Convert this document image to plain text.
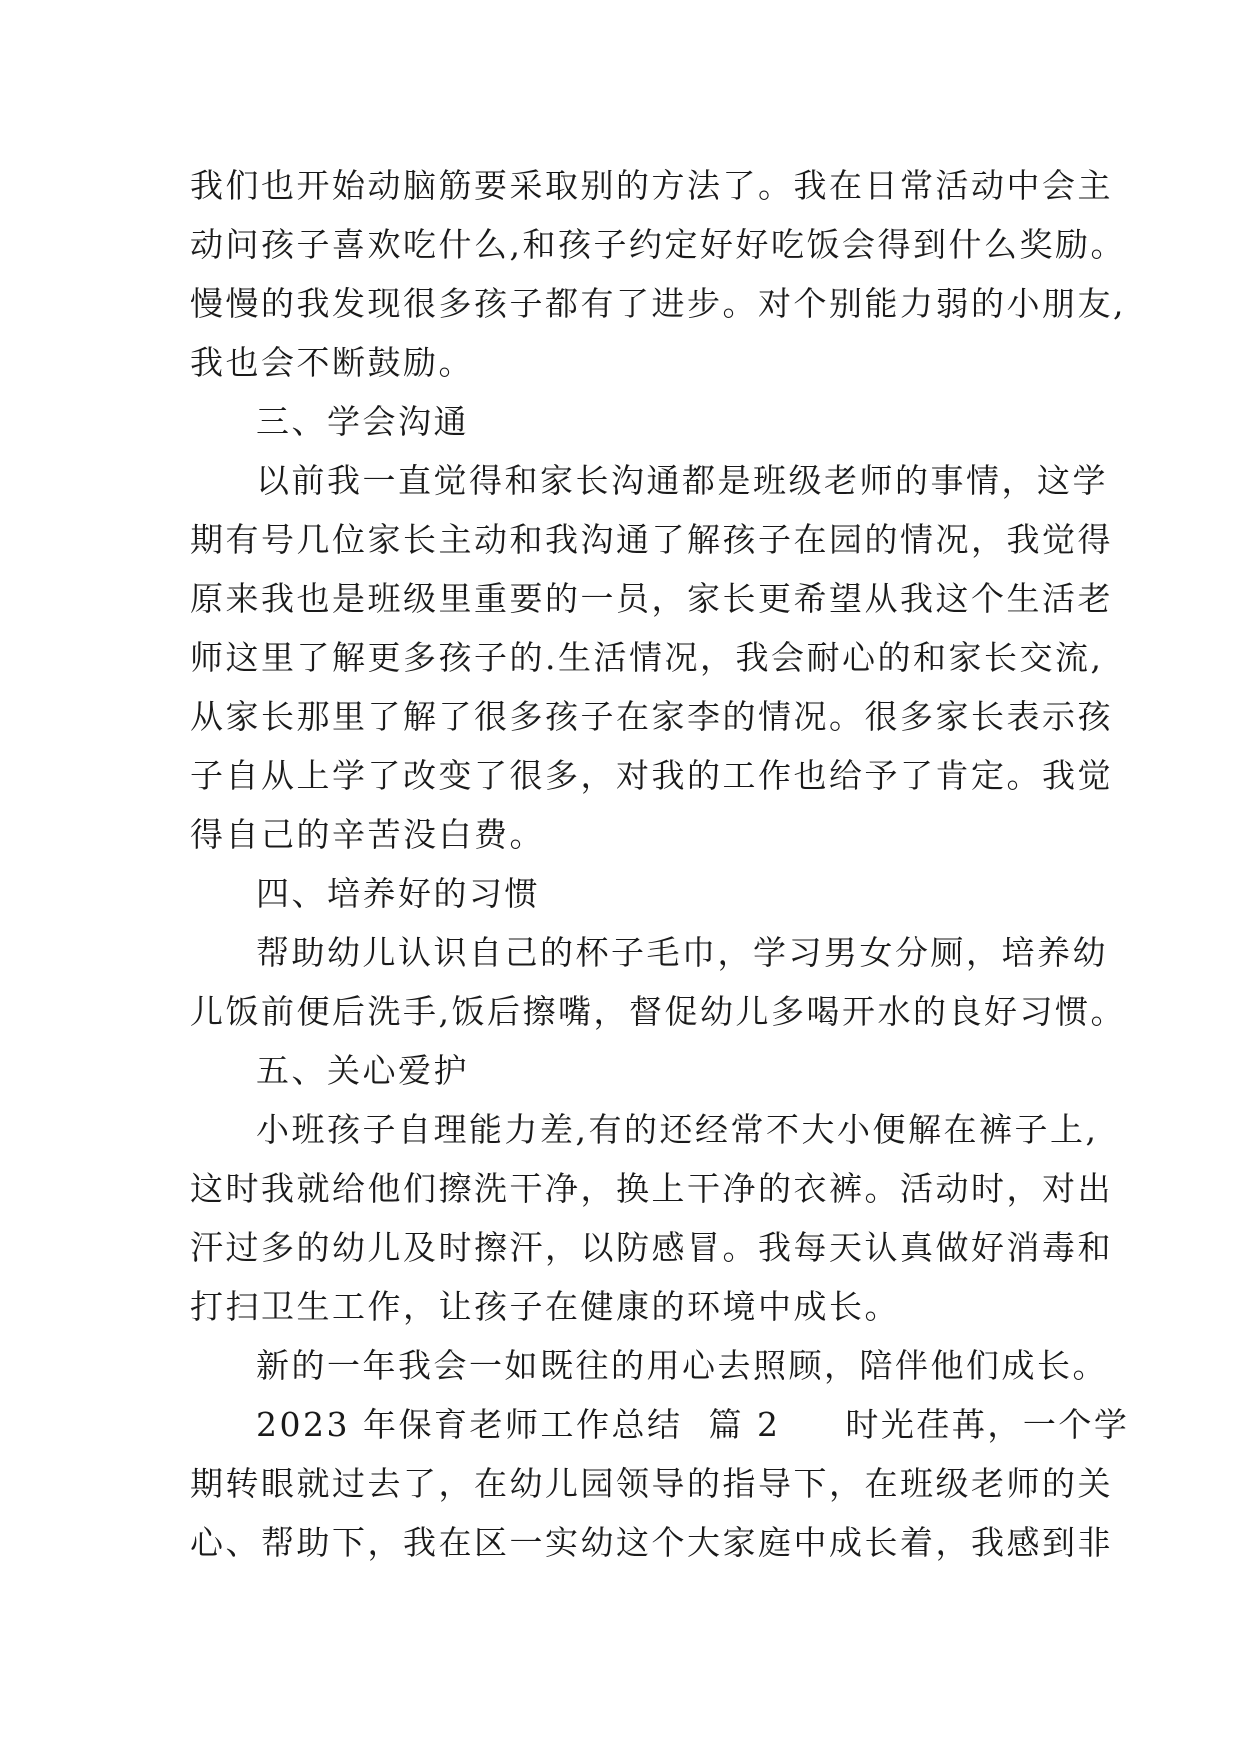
我们也开始动脑筋要采取别的方法了。我在日常活动中会主
动问孩子喜欢吃什么,和孩子约定好好吃饭会得到什么奖励。
慢慢的我发现很多孩子都有了进步。对个别能力弱的小朋友,
我也会不断鼓励。
三、学会沟通
以前我一直觉得和家长沟通都是班级老师的事情，这学
期有号几位家长主动和我沟通了解孩子在园的情况，我觉得
原来我也是班级里重要的一员，家长更希望从我这个生活老
师这里了解更多孩子的.生活情况，我会耐心的和家长交流,
从家长那里了解了很多孩子在家李的情况。很多家长表示孩
子自从上学了改变了很多，对我的工作也给予了肯定。我觉
得自己的辛苦没白费。
四、培养好的习惯
帮助幼儿认识自己的杯子毛巾，学习男女分厕，培养幼
儿饭前便后洗手,饭后擦嘴，督促幼儿多喝开水的良好习惯。
五、关心爱护
小班孩子自理能力差,有的还经常不大小便解在裤子上,
这时我就给他们擦洗干净，换上干净的衣裤。活动时，对出
汗过多的幼儿及时擦汗，以防感冒。我每天认真做好消毒和
打扫卫生工作，让孩子在健康的环境中成长。
新的一年我会一如既往的用心去照顾，陪伴他们成长。
2023 年保育老师工作总结  篇 2     时光荏苒，一个学
期转眼就过去了，在幼儿园领导的指导下，在班级老师的关
心、帮助下，我在区一实幼这个大家庭中成长着，我感到非
